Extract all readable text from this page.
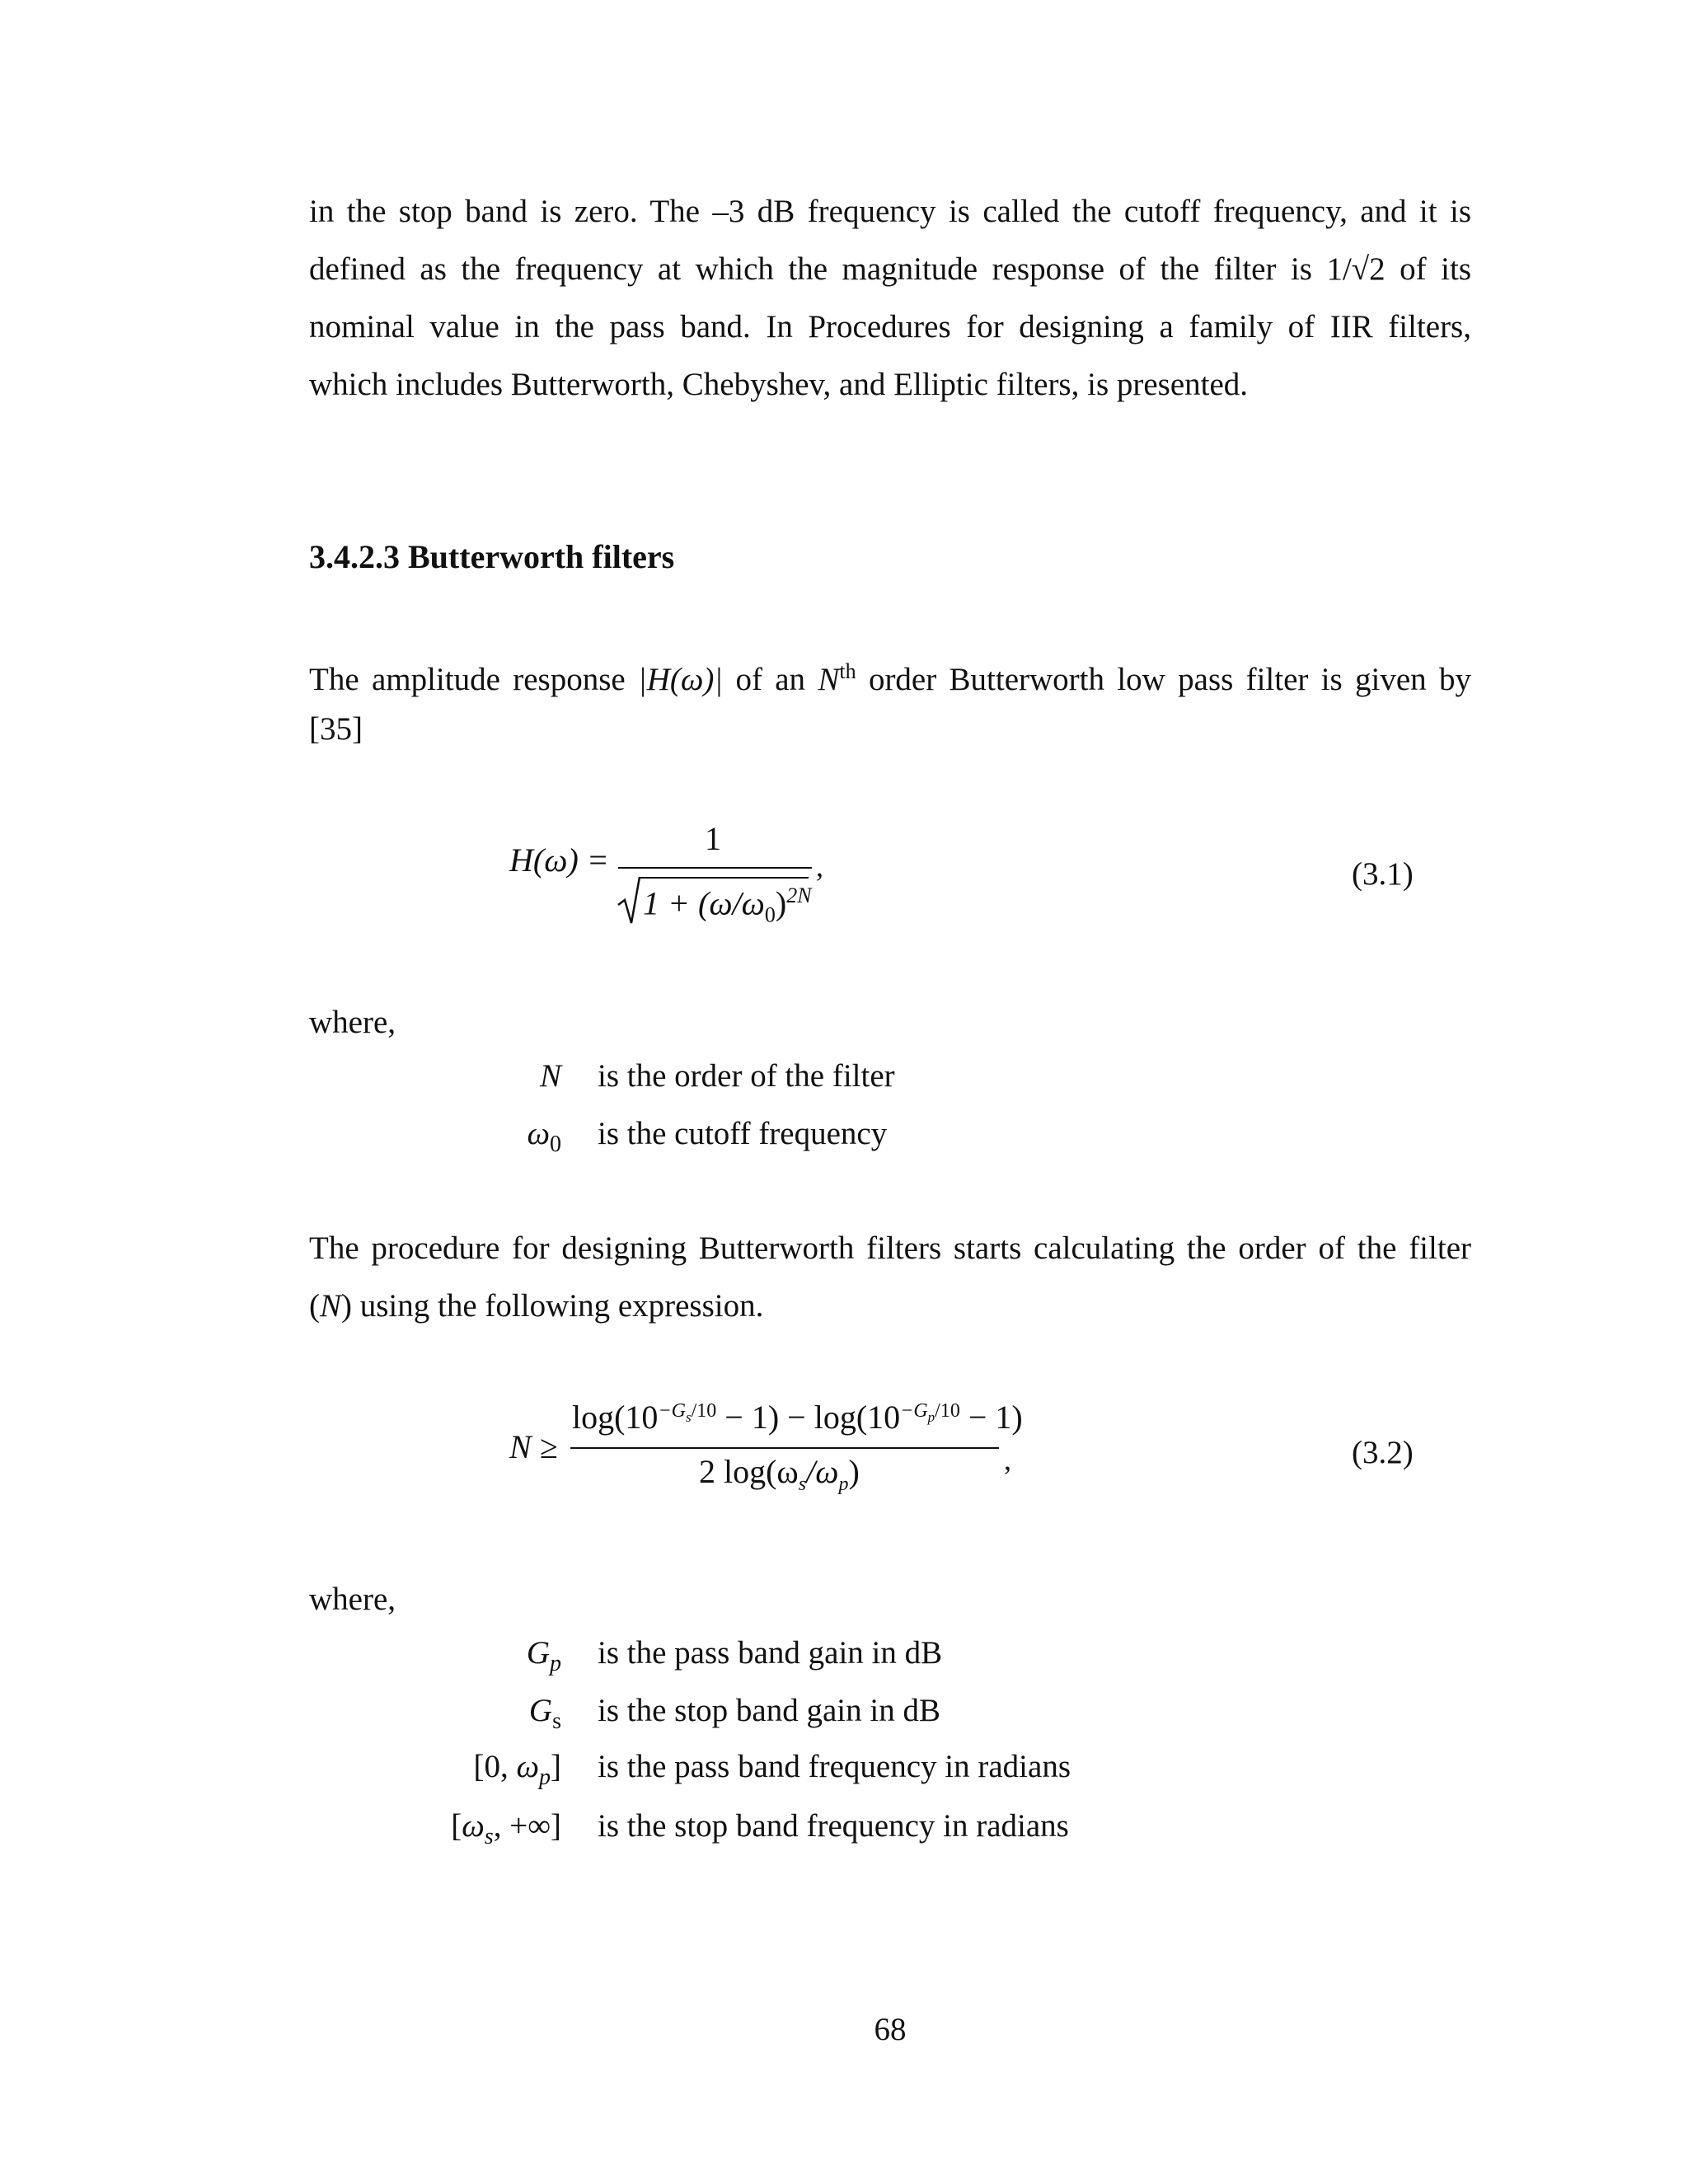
in the stop band is zero. The –3 dB frequency is called the cutoff frequency, and it is
defined as the frequency at which the magnitude response of the filter is 1/√2 of its
nominal value in the pass band. In Procedures for designing a family of IIR filters,
which includes Butterworth, Chebyshev, and Elliptic filters, is presented.
3.4.2.3 Butterworth filters
The amplitude response |H(ω)| of an $N^{th}$ order Butterworth low pass filter is given by
[35]
H(ω) =
1
$1 + (\omega/\omega_0)^{2N}$
,	(3.1)
where,
N is the order of the filter
$\omega_0$ is the cutoff frequency
The procedure for designing Butterworth filters starts calculating the order of the filter
(N) using the following expression.
N ≥
$\log(10^{-G_s/10} - 1) - \log(10^{-G_p/10} - 1)$
2 $\log(\omega_s/\omega_p)$	,	(3.2)
where,
$G_p$ is the pass band gain in dB
$G_s$ is the stop band gain in dB
[0, $\omega_p$] is the pass band frequency in radians
[$\omega_s$, +∞] is the stop band frequency in radians
68
